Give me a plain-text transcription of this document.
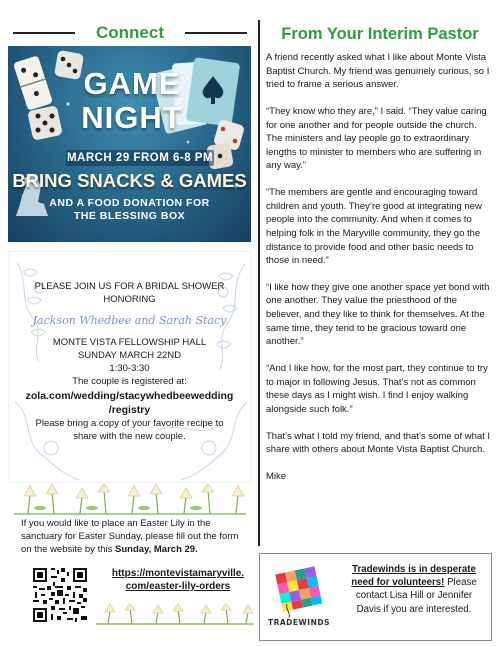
Connect
GAME
NIGHT
MARCH 29 FROM 6-8 PM
BRING SNACKS & GAMES
AND A FOOD DONATION FOR
THE BLESSING BOX
PLEASE JOIN US FOR A BRIDAL SHOWER
HONORING
Jackson Whedbee and Sarah Stacy
MONTE VISTA FELLOWSHIP HALL
SUNDAY MARCH 22ND
1:30-3:30
The couple is registered at:
zola.com/wedding/stacywhedbeewedding
/registry
Please bring a copy of your favorite recipe to
share with the new couple.
If you would like to place an Easter Lily in the
sanctuary for Easter Sunday, please fill out the form
on the website by this Sunday, March 29.
https://montevistamaryville.
com/easter-lily-orders
From Your Interim Pastor

A friend recently asked what I like about Monte Vista Baptist Church. My friend was genuinely curious, so I tried to frame a serious answer.

“They know who they are,” I said. “They value caring for one another and for people outside the church. The ministers and lay people go to extraordinary lengths to minister to members who are suffering in any way.”

“The members are gentle and encouraging toward children and youth. They’re good at integrating new people into the community. And when it comes to helping folk in the Maryville community, they go the distance to provide food and other basic needs to those in need.”

“I like how they give one another space yet bond with one another. They value the priesthood of the believer, and they like to think for themselves. At the same time, they tend to be gracious toward one another.”

“And I like how, for the most part, they continue to try to major in following Jesus. That’s not as common these days as I might wish. I find I enjoy walking alongside such folk.”

That’s what I told my friend, and that’s some of what I share with others about Monte Vista Baptist Church.

Mike

TRADEWINDS
Tradewinds is in desperate
need for volunteers! Please
contact Lisa Hill or Jennifer
Davis if you are interested.
